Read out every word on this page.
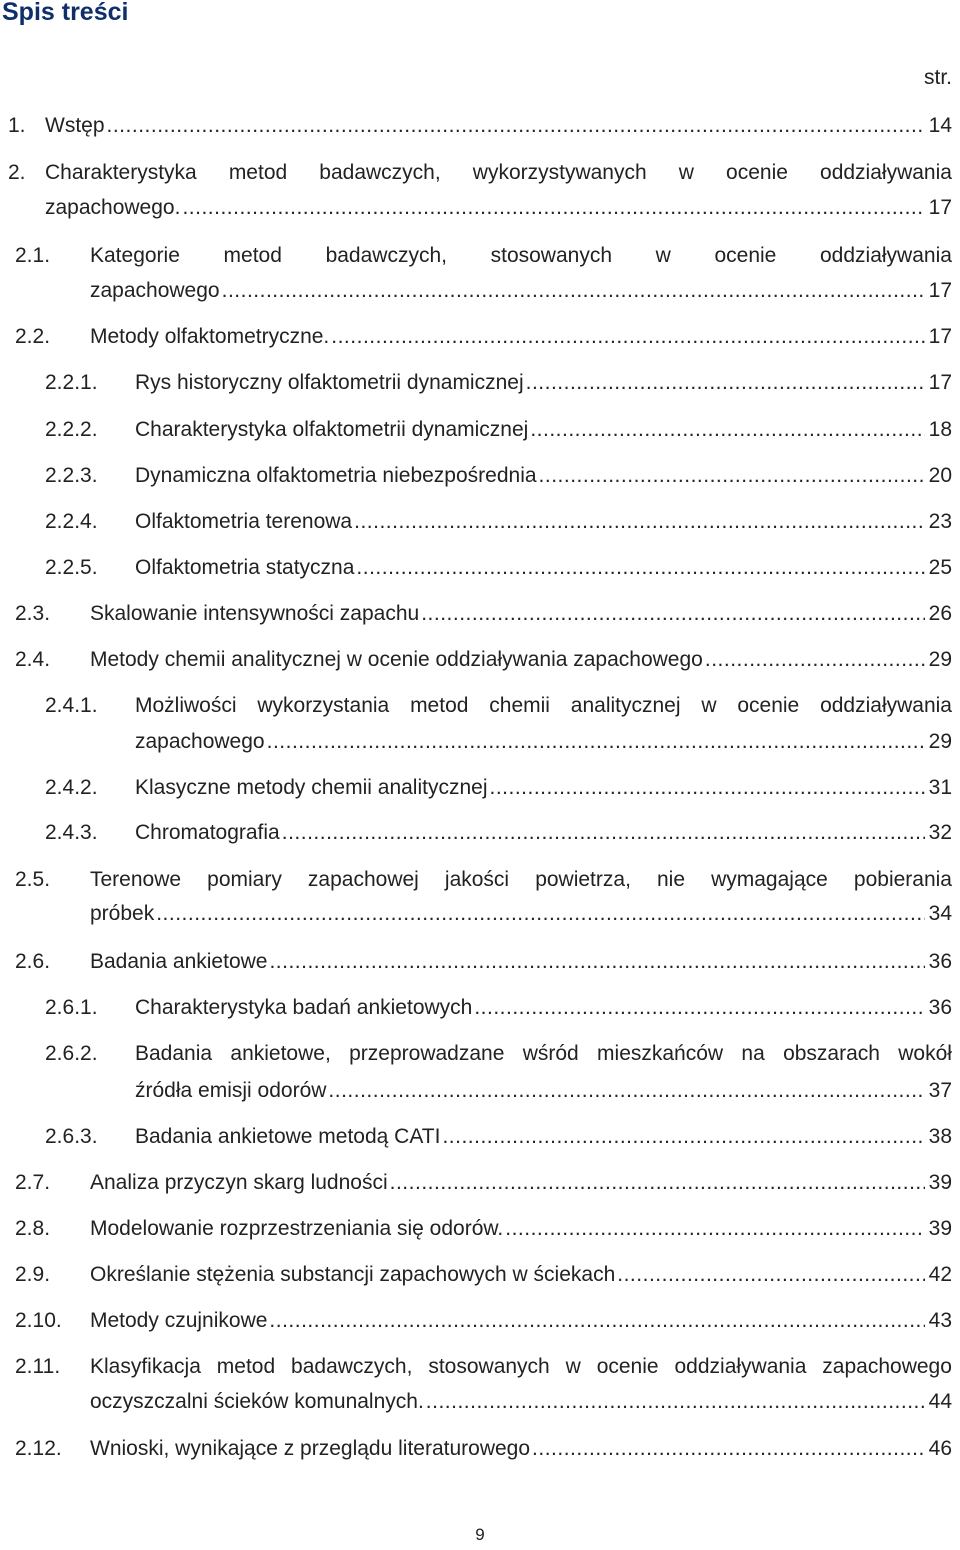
Spis treści
str.
1. Wstęp .....	14
2. Charakterystyka metod badawczych, wykorzystywanych w ocenie oddziaływania
zapachowego. .....	17
2.1. Kategorie metod badawczych, stosowanych w ocenie oddziaływania
zapachowego .....	17
2.2. Metody olfaktometryczne. .....	17
2.2.1. Rys historyczny olfaktometrii dynamicznej .....	17
2.2.2. Charakterystyka olfaktometrii dynamicznej .....	18
2.2.3. Dynamiczna olfaktometria niebezpośrednia .....	20
2.2.4. Olfaktometria terenowa .....	23
2.2.5. Olfaktometria statyczna .....	25
2.3. Skalowanie intensywności zapachu .....	26
2.4. Metody chemii analitycznej w ocenie oddziaływania zapachowego .....	29
2.4.1. Możliwości wykorzystania metod chemii analitycznej w ocenie oddziaływania
zapachowego .....	29
2.4.2. Klasyczne metody chemii analitycznej .....	31
2.4.3. Chromatografia .....	32
2.5. Terenowe pomiary zapachowej jakości powietrza, nie wymagające pobierania
próbek .....	34
2.6. Badania ankietowe .....	36
2.6.1. Charakterystyka badań ankietowych .....	36
2.6.2. Badania ankietowe, przeprowadzane wśród mieszkańców na obszarach wokół
źródła emisji odorów .....	37
2.6.3. Badania ankietowe metodą CATI .....	38
2.7. Analiza przyczyn skarg ludności .....	39
2.8. Modelowanie rozprzestrzeniania się odorów. .....	39
2.9. Określanie stężenia substancji zapachowych w ściekach .....	42
2.10. Metody czujnikowe .....	43
2.11. Klasyfikacja metod badawczych, stosowanych w ocenie oddziaływania zapachowego
oczyszczalni ścieków komunalnych. .....	44
2.12. Wnioski, wynikające z przeglądu literaturowego .....	46
9
